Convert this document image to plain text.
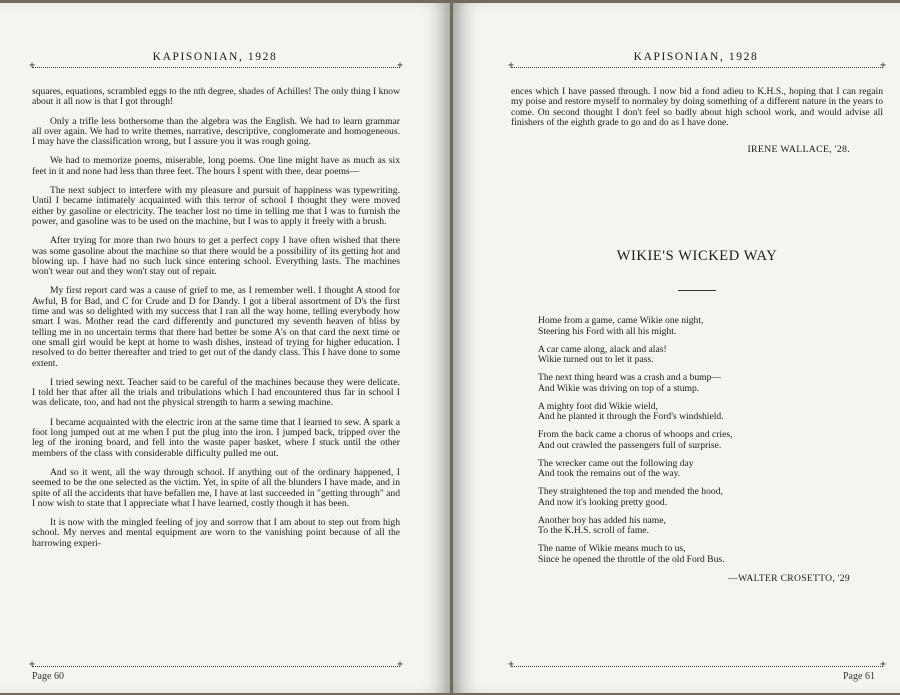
KAPISONIAN, 1928
+ +

squares, equations, scrambled eggs to the nth degree, shades of Achilles! The only thing I know about it all now is that I got through!

Only a trifle less bothersome than the algebra was the English. We had to learn grammar all over again. We had to write themes, narrative, descriptive, conglomerate and homogeneous. I may have the classification wrong, but I assure you it was rough going.

We had to memorize poems, miserable, long poems. One line might have as much as six feet in it and none had less than three feet. The hours I spent with thee, dear poems—

The next subject to interfere with my pleasure and pursuit of happiness was typewriting. Until I became intimately acquainted with this terror of school I thought they were moved either by gasoline or electricity. The teacher lost no time in telling me that I was to furnish the power, and gasoline was to be used on the machine, but I was to apply it freely with a brush.

After trying for more than two hours to get a perfect copy I have often wished that there was some gasoline about the machine so that there would be a possibility of its getting hot and blowing up. I have had no such luck since entering school. Everything lasts. The machines won't wear out and they won't stay out of repair.

My first report card was a cause of grief to me, as I remember well. I thought A stood for Awful, B for Bad, and C for Crude and D for Dandy. I got a liberal assortment of D's the first time and was so delighted with my success that I ran all the way home, telling everybody how smart I was. Mother read the card differently and punctured my seventh heaven of bliss by telling me in no uncertain terms that there had better be some A's on that card the next time or one small girl would be kept at home to wash dishes, instead of trying for higher education. I resolved to do better thereafter and tried to get out of the dandy class. This I have done to some extent.

I tried sewing next. Teacher said to be careful of the machines because they were delicate. I told her that after all the trials and tribulations which I had encountered thus far in school I was delicate, too, and had not the physical strength to harm a sewing machine.

I became acquainted with the electric iron at the same time that I learned to sew. A spark a foot long jumped out at me when I put the plug into the iron. I jumped back, tripped over the leg of the ironing board, and fell into the waste paper basket, where I stuck until the other members of the class with considerable difficulty pulled me out.

And so it went, all the way through school. If anything out of the ordinary happened, I seemed to be the one selected as the victim. Yet, in spite of all the blunders I have made, and in spite of all the accidents that have befallen me, I have at last succeeded in "getting through" and I now wish to state that I appreciate what I have learned, costly though it has been.

It is now with the mingled feeling of joy and sorrow that I am about to step out from high school. My nerves and mental equipment are worn to the vanishing point because of all the harrowing experi-

+ +
Page 60
KAPISONIAN, 1928
+ +

ences which I have passed through. I now bid a fond adieu to K.H.S., hoping that I can regain my poise and restore myself to normaley by doing something of a different nature in the years to come. On second thought I don't feel so badly about high school work, and would advise all finishers of the eighth grade to go and do as I have done.

IRENE WALLACE, '28.
WIKIE'S WICKED WAY
Home from a game, came Wikie one night,
Steering his Ford with all his might.
A car came along, alack and alas!
Wikie turned out to let it pass.
The next thing heard was a crash and a bump—
And Wikie was driving on top of a stump.
A mighty foot did Wikie wield,
And he planted it through the Ford's windshield.
From the back came a chorus of whoops and cries,
And out crawled the passengers full of surprise.
The wrecker came out the following day
And took the remains out of the way.
They straightened the top and mended the hood,
And now it's looking pretty good.
Another boy has added his name,
To the K.H.S. scroll of fame.
The name of Wikie means much to us,
Since he opened the throttle of the old Ford Bus.
—WALTER CROSETTO, '29
+ +
Page 61
